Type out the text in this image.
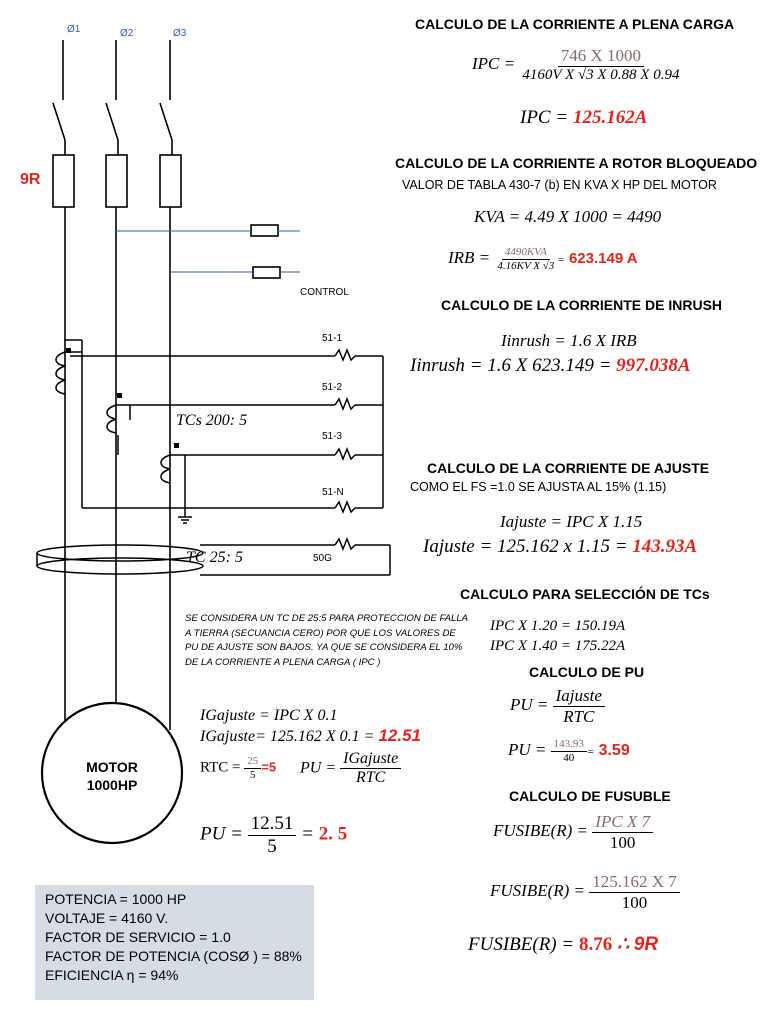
Ø1	Ø2	Ø3
9R
CONTROL
51-1
51-2
51-3
51-N
50G
TCs 200: 5
TC 25: 5
MOTOR
1000HP
CALCULO DE LA CORRIENTE A PLENA CARGA
IPC = $\frac{746 X 1000}{\text{4160V X √3 X 0.88 X 0.94}}$
IPC = 125.162A
CALCULO DE LA CORRIENTE A ROTOR BLOQUEADO
VALOR DE TABLA 430-7 (b) EN KVA X HP DEL MOTOR
KVA = 4.49 X 1000 = 4490
IRB = $\frac{\text{4490KVA}}{\text{4.16KV X √3}} = 623.149$ A
CALCULO DE LA CORRIENTE DE INRUSH
Iinrush = 1.6 X IRB
Iinrush = 1.6 X 623.149 = 997.038A
CALCULO DE LA CORRIENTE DE AJUSTE
COMO EL FS =1.0 SE AJUSTA AL 15% (1.15)
Iajuste = IPC X 1.15
Iajuste = 125.162 x 1.15 = 143.93A
CALCULO PARA SELECCIÓN DE TCs
IPC X 1.20 = 150.19A
IPC X 1.40 = 175.22A
CALCULO DE PU
PU = $\frac{\text{Iajuste}}{\text{RTC}}$
PU = $\frac{143.93}{40} = 3.59$
CALCULO DE FUSUBLE
FUSIBE(R) = $\frac{\text{IPC X 7}}{100}$
FUSIBE(R) = $\frac{125.162 X 7}{100}$
FUSIBE(R) = 8.76 ∴ 9R
SE CONSIDERA UN TC DE 25:5 PARA PROTECCION DE FALLA A TIERRA (SECUANCIA CERO) POR QUE LOS VALORES DE PU DE AJUSTE SON BAJOS. YA QUE SE CONSIDERA EL 10% DE LA CORRIENTE A PLENA CARGA ( IPC )
IGajuste = IPC X 0.1
IGajuste= 125.162 X 0.1 = 12.51
RTC = $\frac{25}{5} =5$ PU = $\frac{\text{IGajuste}}{\text{RTC}}$
PU = $\frac{12.51}{5} = 2$. 5
POTENCIA = 1000 HP
VOLTAJE = 4160 V.
FACTOR DE SERVICIO = 1.0
FACTOR DE POTENCIA (COSØ ) = 88%
EFICIENCIA η = 94%
